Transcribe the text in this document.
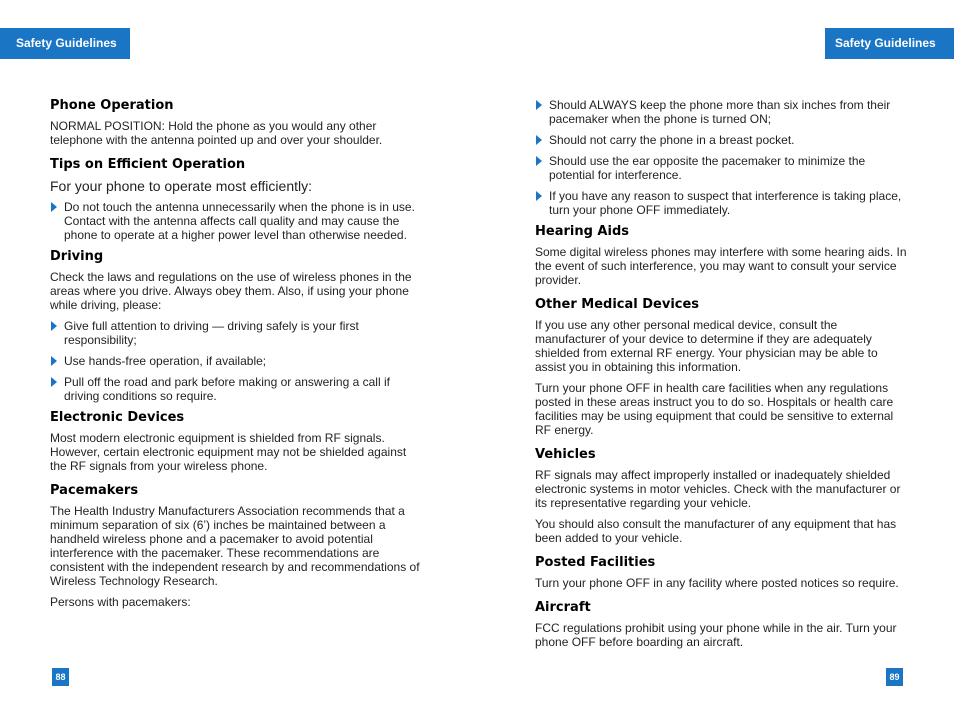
Safety Guidelines	Safety Guidelines
Phone Operation

NORMAL POSITION: Hold the phone as you would any other telephone with the antenna pointed up and over your shoulder.

Tips on Efficient Operation

For your phone to operate most efficiently:

Do not touch the antenna unnecessarily when the phone is in use. Contact with the antenna affects call quality and may cause the phone to operate at a higher power level than otherwise needed.
Driving

Check the laws and regulations on the use of wireless phones in the areas where you drive. Always obey them. Also, if using your phone while driving, please:

Give full attention to driving — driving safely is your first responsibility;
Use hands-free operation, if available;
Pull off the road and park before making or answering a call if driving conditions so require.
Electronic Devices

Most modern electronic equipment is shielded from RF signals. However, certain electronic equipment may not be shielded against the RF signals from your wireless phone.

Pacemakers

The Health Industry Manufacturers Association recommends that a minimum separation of six (6’) inches be maintained between a handheld wireless phone and a pacemaker to avoid potential interference with the pacemaker. These recommendations are consistent with the independent research by and recommendations of Wireless Technology Research.

Persons with pacemakers:

Should ALWAYS keep the phone more than six inches from their pacemaker when the phone is turned ON;
Should not carry the phone in a breast pocket.
Should use the ear opposite the pacemaker to minimize the potential for interference.
If you have any reason to suspect that interference is taking place, turn your phone OFF immediately.
Hearing Aids

Some digital wireless phones may interfere with some hearing aids. In the event of such interference, you may want to consult your service provider.

Other Medical Devices

If you use any other personal medical device, consult the manufacturer of your device to determine if they are adequately shielded from external RF energy. Your physician may be able to assist you in obtaining this information.

Turn your phone OFF in health care facilities when any regulations posted in these areas instruct you to do so. Hospitals or health care facilities may be using equipment that could be sensitive to external RF energy.

Vehicles

RF signals may affect improperly installed or inadequately shielded electronic systems in motor vehicles. Check with the manufacturer or its representative regarding your vehicle.

You should also consult the manufacturer of any equipment that has been added to your vehicle.

Posted Facilities

Turn your phone OFF in any facility where posted notices so require.

Aircraft

FCC regulations prohibit using your phone while in the air. Turn your phone OFF before boarding an aircraft.

88	89
